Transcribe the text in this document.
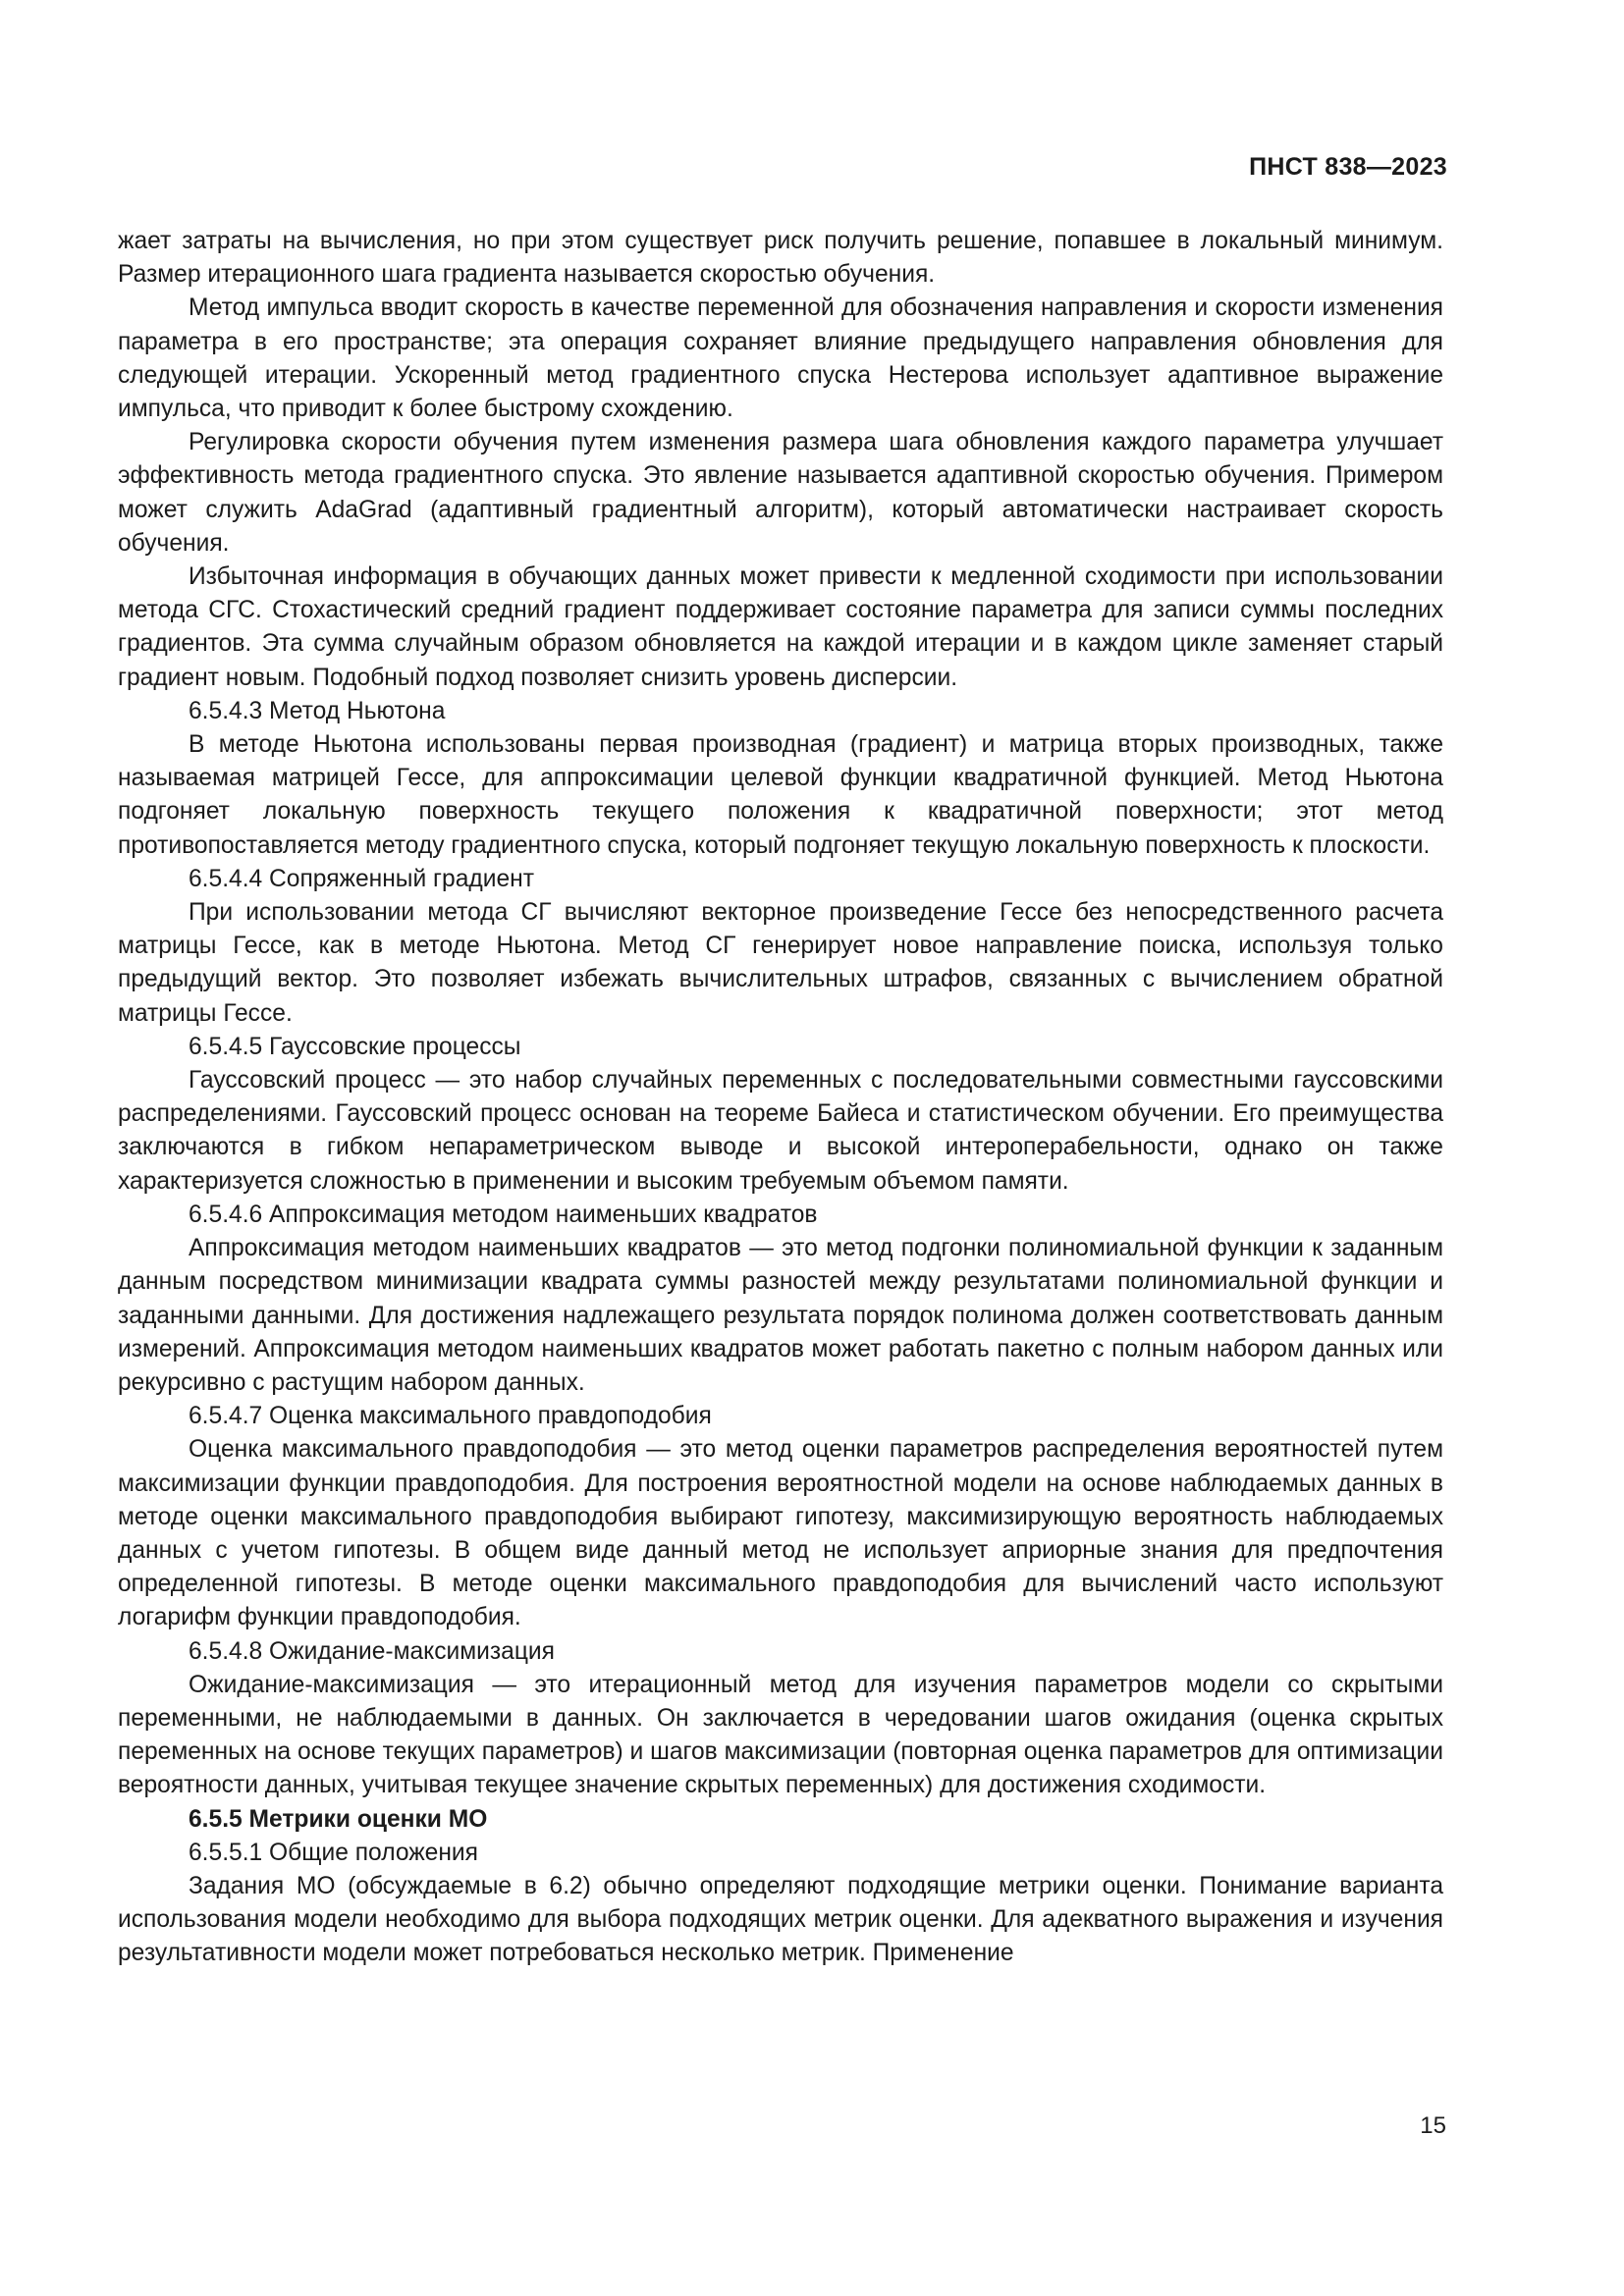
ПНСТ 838—2023

жает затраты на вычисления, но при этом существует риск получить решение, попавшее в локальный минимум. Размер итерационного шага градиента называется скоростью обучения.

Метод импульса вводит скорость в качестве переменной для обозначения направления и скорости изменения параметра в его пространстве; эта операция сохраняет влияние предыдущего направления обновления для следующей итерации. Ускоренный метод градиентного спуска Нестерова использует адаптивное выражение импульса, что приводит к более быстрому схождению.

Регулировка скорости обучения путем изменения размера шага обновления каждого параметра улучшает эффективность метода градиентного спуска. Это явление называется адаптивной скоростью обучения. Примером может служить AdaGrad (адаптивный градиентный алгоритм), который автоматически настраивает скорость обучения.

Избыточная информация в обучающих данных может привести к медленной сходимости при использовании метода СГС. Стохастический средний градиент поддерживает состояние параметра для записи суммы последних градиентов. Эта сумма случайным образом обновляется на каждой итерации и в каждом цикле заменяет старый градиент новым. Подобный подход позволяет снизить уровень дисперсии.

6.5.4.3 Метод Ньютона

В методе Ньютона использованы первая производная (градиент) и матрица вторых производных, также называемая матрицей Гессе, для аппроксимации целевой функции квадратичной функцией. Метод Ньютона подгоняет локальную поверхность текущего положения к квадратичной поверхности; этот метод противопоставляется методу градиентного спуска, который подгоняет текущую локальную поверхность к плоскости.

6.5.4.4 Сопряженный градиент

При использовании метода СГ вычисляют векторное произведение Гессе без непосредственного расчета матрицы Гессе, как в методе Ньютона. Метод СГ генерирует новое направление поиска, используя только предыдущий вектор. Это позволяет избежать вычислительных штрафов, связанных с вычислением обратной матрицы Гессе.

6.5.4.5 Гауссовские процессы

Гауссовский процесс — это набор случайных переменных с последовательными совместными гауссовскими распределениями. Гауссовский процесс основан на теореме Байеса и статистическом обучении. Его преимущества заключаются в гибком непараметрическом выводе и высокой интероперабельности, однако он также характеризуется сложностью в применении и высоким требуемым объемом памяти.

6.5.4.6 Аппроксимация методом наименьших квадратов

Аппроксимация методом наименьших квадратов — это метод подгонки полиномиальной функции к заданным данным посредством минимизации квадрата суммы разностей между результатами полиномиальной функции и заданными данными. Для достижения надлежащего результата порядок полинома должен соответствовать данным измерений. Аппроксимация методом наименьших квадратов может работать пакетно с полным набором данных или рекурсивно с растущим набором данных.

6.5.4.7 Оценка максимального правдоподобия

Оценка максимального правдоподобия — это метод оценки параметров распределения вероятностей путем максимизации функции правдоподобия. Для построения вероятностной модели на основе наблюдаемых данных в методе оценки максимального правдоподобия выбирают гипотезу, максимизирующую вероятность наблюдаемых данных с учетом гипотезы. В общем виде данный метод не использует априорные знания для предпочтения определенной гипотезы. В методе оценки максимального правдоподобия для вычислений часто используют логарифм функции правдоподобия.

6.5.4.8 Ожидание-максимизация

Ожидание-максимизация — это итерационный метод для изучения параметров модели со скрытыми переменными, не наблюдаемыми в данных. Он заключается в чередовании шагов ожидания (оценка скрытых переменных на основе текущих параметров) и шагов максимизации (повторная оценка параметров для оптимизации вероятности данных, учитывая текущее значение скрытых переменных) для достижения сходимости.

6.5.5 Метрики оценки МО

6.5.5.1 Общие положения

Задания МО (обсуждаемые в 6.2) обычно определяют подходящие метрики оценки. Понимание варианта использования модели необходимо для выбора подходящих метрик оценки. Для адекватного выражения и изучения результативности модели может потребоваться несколько метрик. Применение

15
